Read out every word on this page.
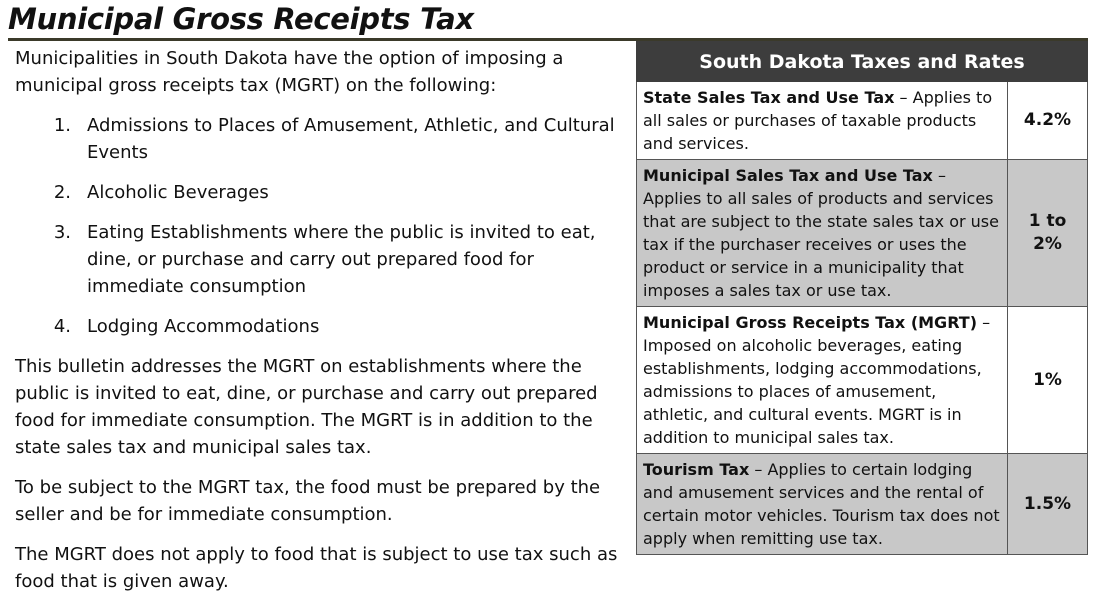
Municipal Gross Receipts Tax

Municipalities in South Dakota have the option of imposing a municipal gross receipts tax (MGRT) on the following:

1. Admissions to Places of Amusement, Athletic, and Cultural Events
2. Alcoholic Beverages
3. Eating Establishments where the public is invited to eat, dine, or purchase and carry out prepared food for immediate consumption
4. Lodging Accommodations

This bulletin addresses the MGRT on establishments where the public is invited to eat, dine, or purchase and carry out prepared food for immediate consumption. The MGRT is in addition to the state sales tax and municipal sales tax.

To be subject to the MGRT tax, the food must be prepared by the seller and be for immediate consumption.

The MGRT does not apply to food that is subject to use tax such as food that is given away.

South Dakota Taxes and Rates	
State Sales Tax and Use Tax – Applies to all sales or purchases of taxable products and services.	4.2%
Municipal Sales Tax and Use Tax – Applies to all sales of products and services that are subject to the state sales tax or use tax if the purchaser receives or uses the product or service in a municipality that imposes a sales tax or use tax.	1 to 2%
Municipal Gross Receipts Tax (MGRT) – Imposed on alcoholic beverages, eating establishments, lodging accommodations, admissions to places of amusement, athletic, and cultural events. MGRT is in addition to municipal sales tax.	1%
Tourism Tax – Applies to certain lodging and amusement services and the rental of certain motor vehicles. Tourism tax does not apply when remitting use tax.	1.5%
